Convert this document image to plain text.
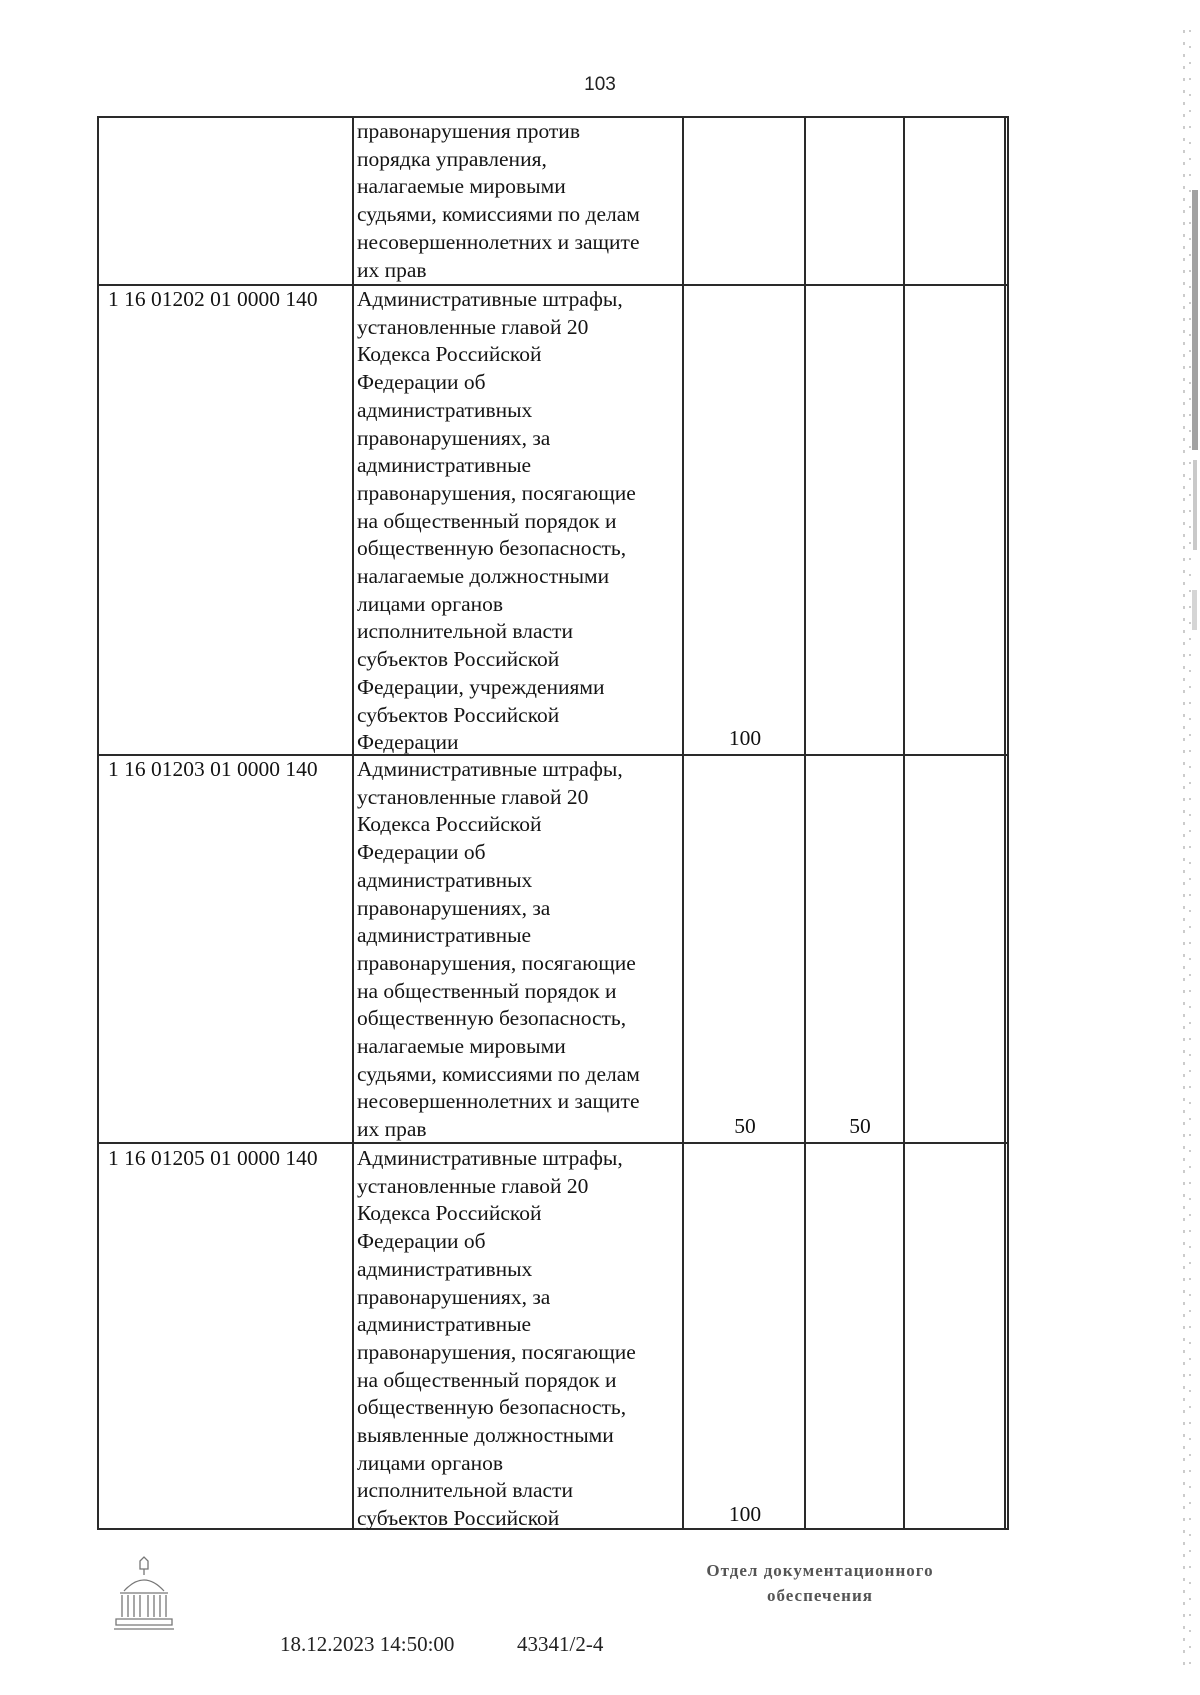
103
правонарушения против
порядка управления,
налагаемые мировыми
судьями, комиссиями по делам
несовершеннолетних и защите
их прав
1 16 01202 01 0000 140 Административные штрафы,
установленные главой 20
Кодекса Российской
Федерации об
административных
правонарушениях, за
административные
правонарушения, посягающие
на общественный порядок и
общественную безопасность,
налагаемые должностными
лицами органов
исполнительной власти
субъектов Российской
Федерации, учреждениями
субъектов Российской
Федерации	100
1 16 01203 01 0000 140 Административные штрафы,
установленные главой 20
Кодекса Российской
Федерации об
административных
правонарушениях, за
административные
правонарушения, посягающие
на общественный порядок и
общественную безопасность,
налагаемые мировыми
судьями, комиссиями по делам
несовершеннолетних и защите
их прав	50	50
1 16 01205 01 0000 140 Административные штрафы,
установленные главой 20
Кодекса Российской
Федерации об
административных
правонарушениях, за
административные
правонарушения, посягающие
на общественный порядок и
общественную безопасность,
выявленные должностными
лицами органов
исполнительной власти
субъектов Российской	100
18.12.2023 14:50:00	43341/2-4
Отдел документационного
обеспечения
